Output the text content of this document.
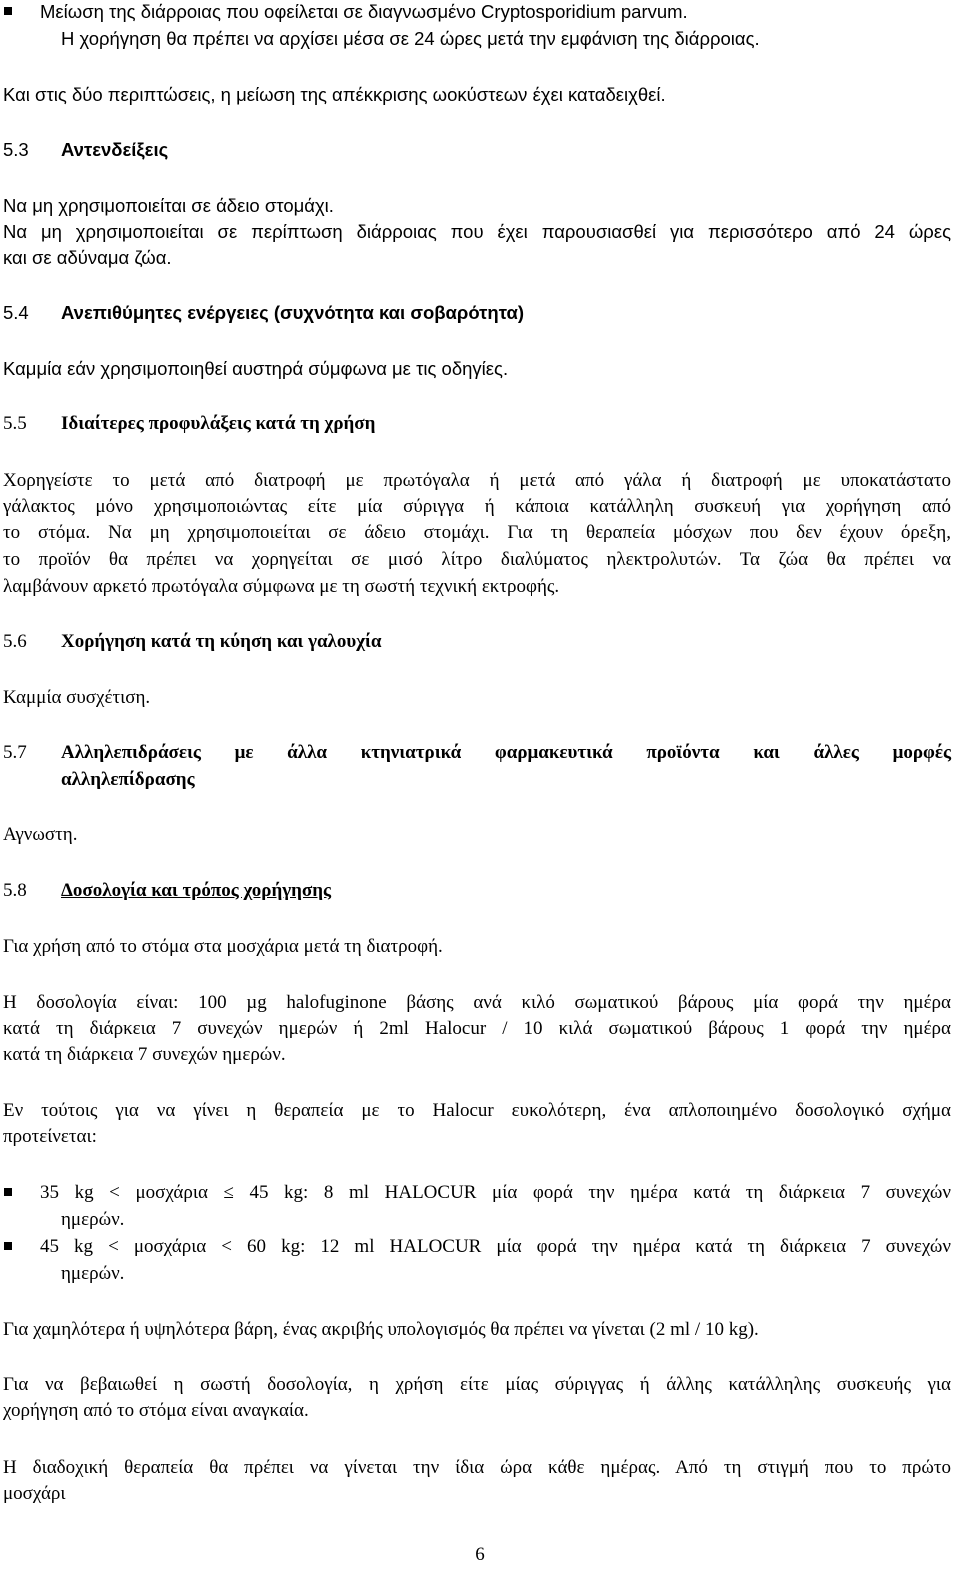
Μείωση της διάρροιας που οφείλεται σε διαγνωσμένο Cryptosporidium parvum.
Η χορήγηση θα πρέπει να αρχίσει μέσα σε 24 ώρες μετά την εμφάνιση της διάρροιας.
Και στις δύο περιπτώσεις, η μείωση της απέκκρισης ωοκύστεων έχει καταδειχθεί.
5.3 Αντενδείξεις
Να μη χρησιμοποιείται σε άδειο στομάχι.
Να μη χρησιμοποιείται σε περίπτωση διάρροιας που έχει παρουσιασθεί για περισσότερο από 24 ώρες
και σε αδύναμα ζώα.
5.4 Ανεπιθύμητες ενέργειες (συχνότητα και σοβαρότητα)
Καμμία εάν χρησιμοποιηθεί αυστηρά σύμφωνα με τις οδηγίες.
5.5 Ιδιαίτερες προφυλάξεις κατά τη χρήση
Χορηγείστε το μετά από διατροφή με πρωτόγαλα ή μετά από γάλα ή διατροφή με υποκατάστατο
γάλακτος μόνο χρησιμοποιώντας είτε μία σύριγγα ή κάποια κατάλληλη συσκευή για χορήγηση από
το στόμα. Να μη χρησιμοποιείται σε άδειο στομάχι. Για τη θεραπεία μόσχων που δεν έχουν όρεξη,
το προϊόν θα πρέπει να χορηγείται σε μισό λίτρο διαλύματος ηλεκτρολυτών. Τα ζώα θα πρέπει να
λαμβάνουν αρκετό πρωτόγαλα σύμφωνα με τη σωστή τεχνική εκτροφής.
5.6 Χορήγηση κατά τη κύηση και γαλουχία
Καμμία συσχέτιση.
5.7 Αλληλεπιδράσεις με άλλα κτηνιατρικά φαρμακευτικά προϊόντα και άλλες μορφές
αλληλεπίδρασης
Αγνωστη.
5.8 Δοσολογία και τρόπος χορήγησης
Για χρήση από το στόμα στα μοσχάρια μετά τη διατροφή.
Η δοσολογία είναι: 100 µg halofuginone βάσης ανά κιλό σωματικού βάρους μία φορά την ημέρα
κατά τη διάρκεια 7 συνεχών ημερών ή 2ml Halocur / 10 κιλά σωματικού βάρους 1 φορά την ημέρα
κατά τη διάρκεια 7 συνεχών ημερών.
Εν τούτοις για να γίνει η θεραπεία με το Halocur ευκολότερη, ένα απλοποιημένο δοσολογικό σχήμα
προτείνεται:
35 kg < μοσχάρια ≤ 45 kg: 8 ml HALOCUR μία φορά την ημέρα κατά τη διάρκεια 7 συνεχών
ημερών.
45 kg < μοσχάρια < 60 kg: 12 ml HALOCUR μία φορά την ημέρα κατά τη διάρκεια 7 συνεχών
ημερών.
Για χαμηλότερα ή υψηλότερα βάρη, ένας ακριβής υπολογισμός θα πρέπει να γίνεται (2 ml / 10 kg).
Για να βεβαιωθεί η σωστή δοσολογία, η χρήση είτε μίας σύριγγας ή άλλης κατάλληλης συσκευής για
χορήγηση από το στόμα είναι αναγκαία.
Η διαδοχική θεραπεία θα πρέπει να γίνεται την ίδια ώρα κάθε ημέρας. Από τη στιγμή που το πρώτο
μοσχάρι
6
